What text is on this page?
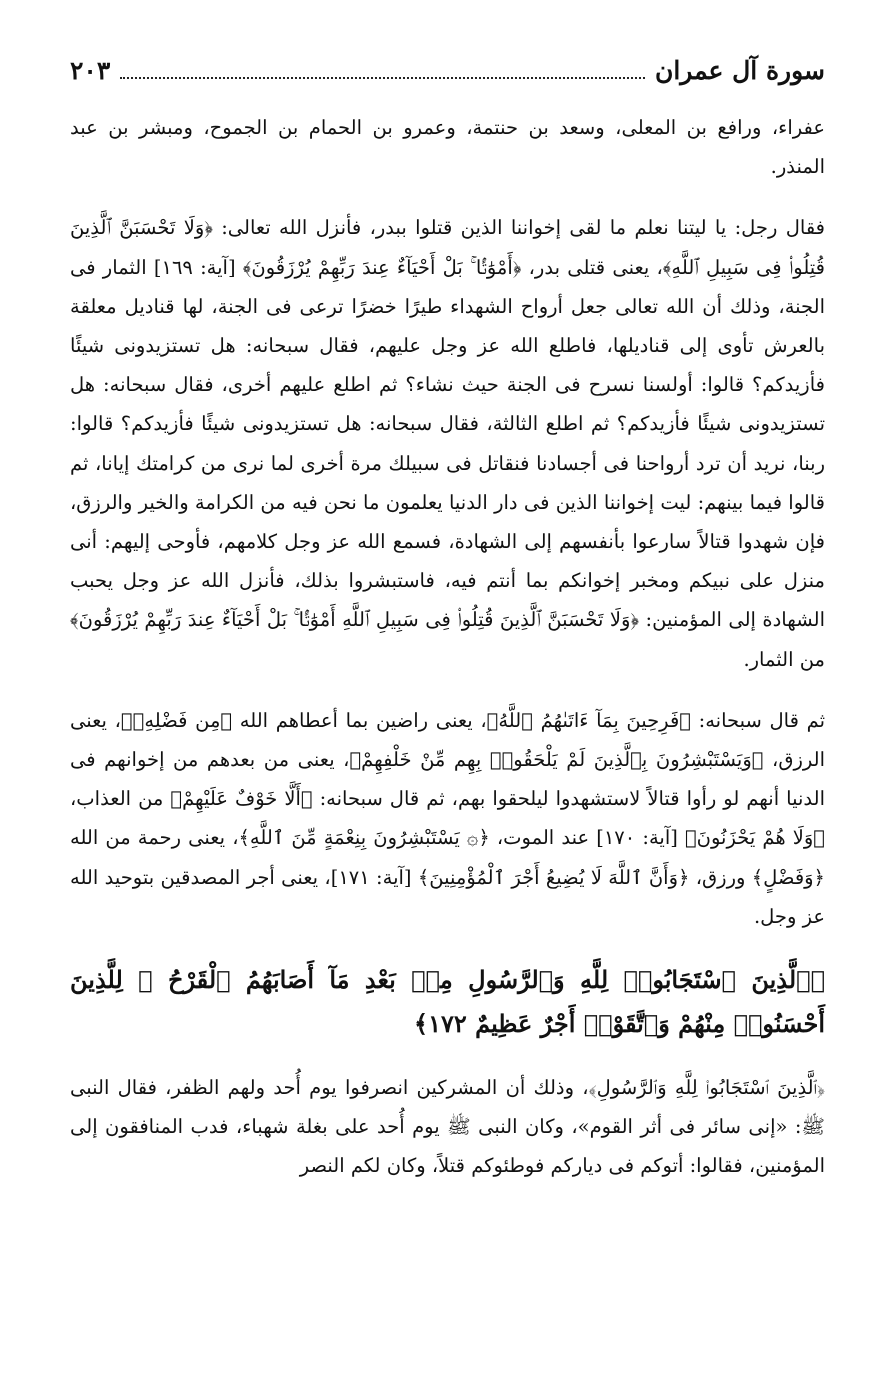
سورة آل عمران
٢٠٣

عفراء، ورافع بن المعلى، وسعد بن حنتمة، وعمرو بن الحمام بن الجموح، ومبشر بن عبد المنذر.

فقال رجل: يا ليتنا نعلم ما لقى إخواننا الذين قتلوا ببدر، فأنزل الله تعالى: ﴿وَلَا تَحْسَبَنَّ ٱلَّذِينَ قُتِلُوا۟ فِى سَبِيلِ ٱللَّهِ﴾، يعنى قتلى بدر، ﴿أَمْوَٰتًۢا ۚ بَلْ أَحْيَآءٌ عِندَ رَبِّهِمْ يُرْزَقُونَ﴾ [آية: ١٦٩] الثمار فى الجنة، وذلك أن الله تعالى جعل أرواح الشهداء طيرًا خضرًا ترعى فى الجنة، لها قناديل معلقة بالعرش تأوى إلى قناديلها، فاطلع الله عز وجل عليهم، فقال سبحانه: هل تستزيدونى شيئًا فأزيدكم؟ قالوا: أولسنا نسرح فى الجنة حيث نشاء؟ ثم اطلع عليهم أخرى، فقال سبحانه: هل تستزيدونى شيئًا فأزيدكم؟ ثم اطلع الثالثة، فقال سبحانه: هل تستزيدونى شيئًا فأزيدكم؟ قالوا: ربنا، نريد أن ترد أرواحنا فى أجسادنا فنقاتل فى سبيلك مرة أخرى لما نرى من كرامتك إيانا، ثم قالوا فيما بينهم: ليت إخواننا الذين فى دار الدنيا يعلمون ما نحن فيه من الكرامة والخير والرزق، فإن شهدوا قتالاً سارعوا بأنفسهم إلى الشهادة، فسمع الله عز وجل كلامهم، فأوحى إليهم: أنى منزل على نبيكم ومخبر إخوانكم بما أنتم فيه، فاستبشروا بذلك، فأنزل الله عز وجل يحبب الشهادة إلى المؤمنين: ﴿وَلَا تَحْسَبَنَّ ٱلَّذِينَ قُتِلُوا۟ فِى سَبِيلِ ٱللَّهِ أَمْوَٰتًۢا ۚ بَلْ أَحْيَآءٌ عِندَ رَبِّهِمْ يُرْزَقُونَ﴾ من الثمار.

ثم قال سبحانه: ﴿فَرِحِينَ بِمَآ ءَاتَىٰهُمُ ٱللَّهُ﴾، يعنى راضين بما أعطاهم الله ﴿مِن فَضْلِهِۦ﴾، يعنى الرزق، ﴿وَيَسْتَبْشِرُونَ بِٱلَّذِينَ لَمْ يَلْحَقُوا۟ بِهِم مِّنْ خَلْفِهِمْ﴾، يعنى من بعدهم من إخوانهم فى الدنيا أنهم لو رأوا قتالاً لاستشهدوا ليلحقوا بهم، ثم قال سبحانه: ﴿أَلَّا خَوْفٌ عَلَيْهِمْ﴾ من العذاب، ﴿وَلَا هُمْ يَحْزَنُونَ﴾ [آية: ١٧٠] عند الموت، ﴿۞ يَسْتَبْشِرُونَ بِنِعْمَةٍ مِّنَ ٱللَّهِ﴾، يعنى رحمة من الله ﴿وَفَضْلٍ﴾ ورزق، ﴿وَأَنَّ ٱللَّهَ لَا يُضِيعُ أَجْرَ ٱلْمُؤْمِنِينَ﴾ [آية: ١٧١]، يعنى أجر المصدقين بتوحيد الله عز وجل.

﴿ٱلَّذِينَ ٱسْتَجَابُوا۟ لِلَّهِ وَٱلرَّسُولِ مِنۢ بَعْدِ مَآ أَصَابَهُمُ ٱلْقَرْحُ ۚ لِلَّذِينَ أَحْسَنُوا۟ مِنْهُمْ وَٱتَّقَوْا۟ أَجْرٌ عَظِيمٌ ١٧٢﴾

﴿ٱلَّذِينَ ٱسْتَجَابُوا۟ لِلَّهِ وَٱلرَّسُولِ﴾، وذلك أن المشركين انصرفوا يوم أُحد ولهم الظفر، فقال النبى ﷺ: «إنى سائر فى أثر القوم»، وكان النبى ﷺ يوم أُحد على بغلة شهباء، فدب المنافقون إلى المؤمنين، فقالوا: أتوكم فى دياركم فوطئوكم قتلاً، وكان لكم النصر
